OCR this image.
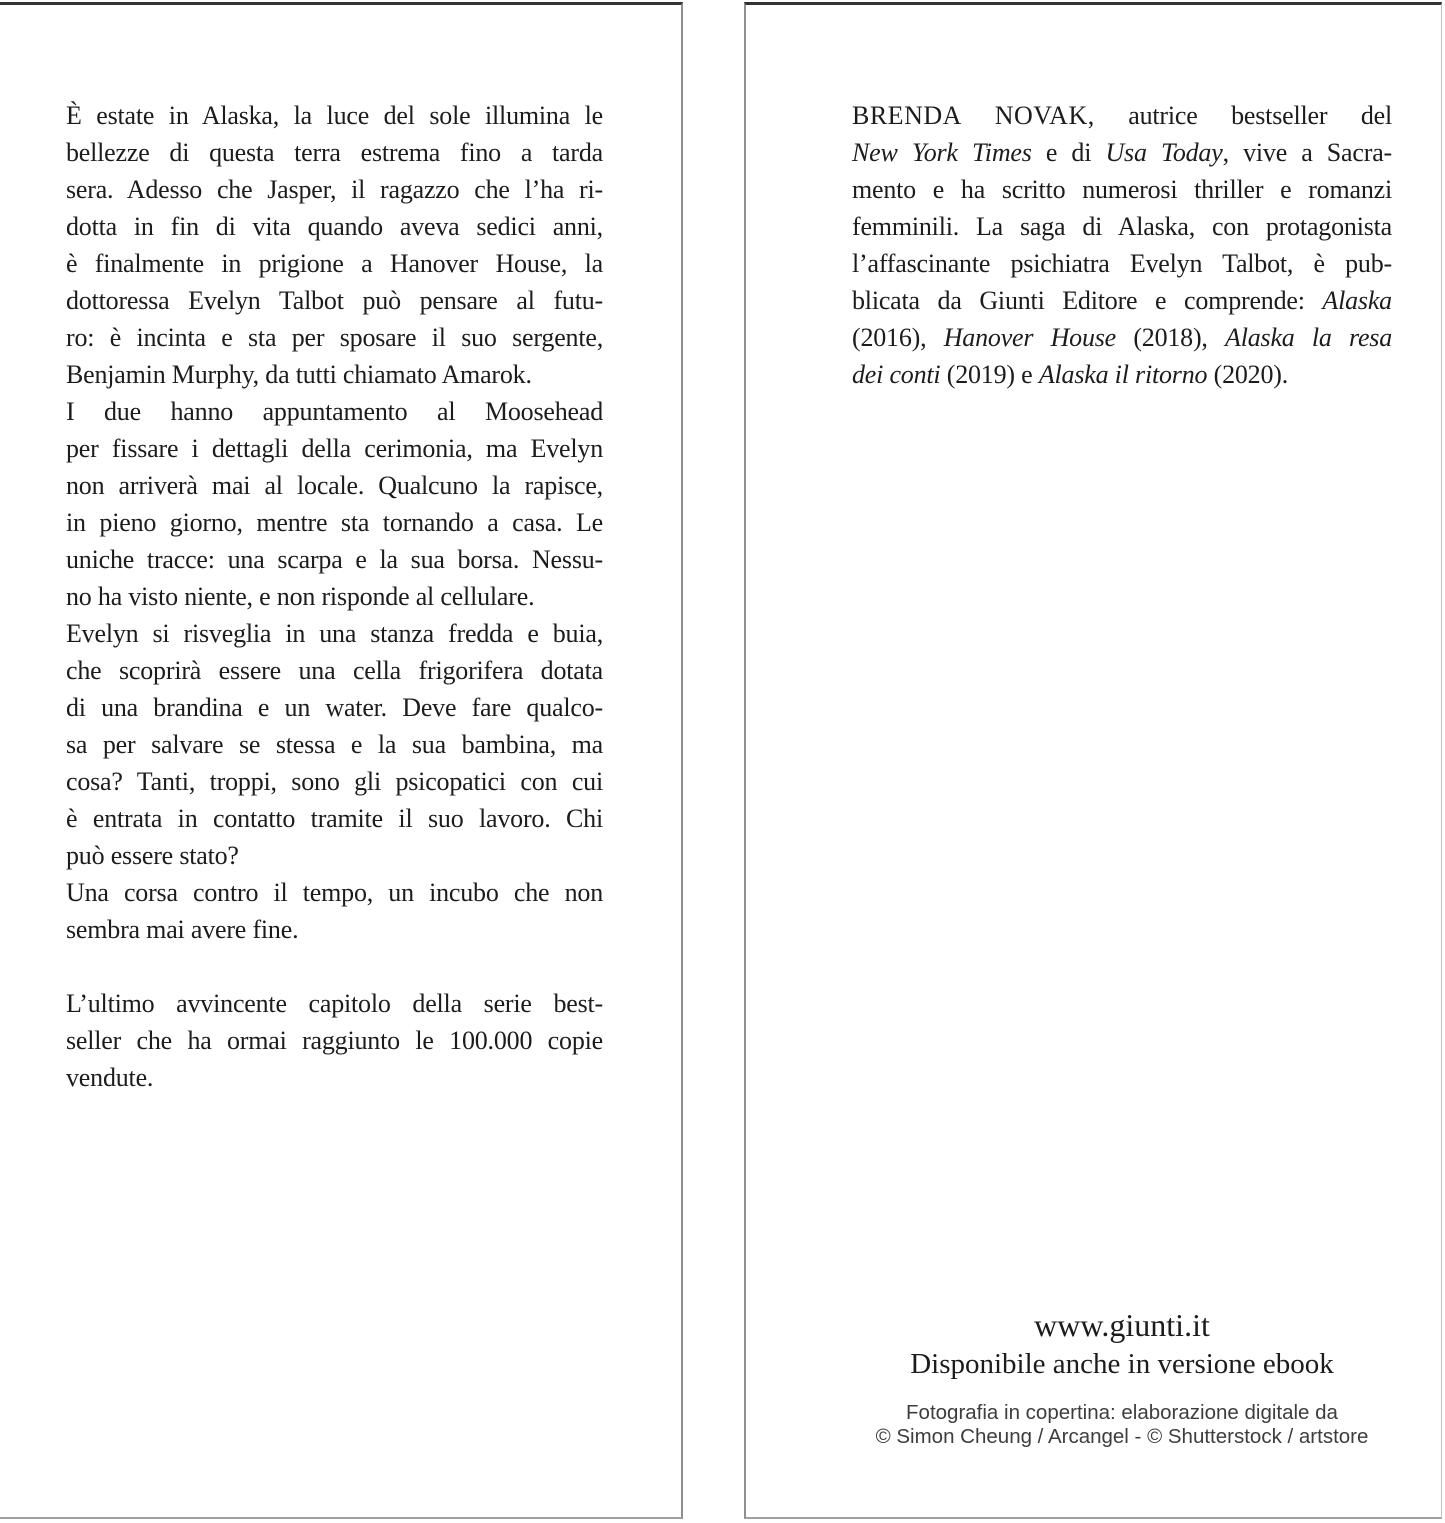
È estate in Alaska, la luce del sole illumina le
bellezze di questa terra estrema fino a tarda
sera. Adesso che Jasper, il ragazzo che l’ha ri-
dotta in fin di vita quando aveva sedici anni,
è finalmente in prigione a Hanover House, la
dottoressa Evelyn Talbot può pensare al futu-
ro: è incinta e sta per sposare il suo sergente,
Benjamin Murphy, da tutti chiamato Amarok.
I due hanno appuntamento al Moosehead
per fissare i dettagli della cerimonia, ma Evelyn
non arriverà mai al locale. Qualcuno la rapisce,
in pieno giorno, mentre sta tornando a casa. Le
uniche tracce: una scarpa e la sua borsa. Nessu-
no ha visto niente, e non risponde al cellulare.
Evelyn si risveglia in una stanza fredda e buia,
che scoprirà essere una cella frigorifera dotata
di una brandina e un water. Deve fare qualco-
sa per salvare se stessa e la sua bambina, ma
cosa? Tanti, troppi, sono gli psicopatici con cui
è entrata in contatto tramite il suo lavoro. Chi
può essere stato?
Una corsa contro il tempo, un incubo che non
sembra mai avere fine.
L’ultimo avvincente capitolo della serie best-
seller che ha ormai raggiunto le 100.000 copie
vendute.
BRENDA NOVAK, autrice bestseller del
New York Times e di Usa Today, vive a Sacra-
mento e ha scritto numerosi thriller e romanzi
femminili. La saga di Alaska, con protagonista
l’affascinante psichiatra Evelyn Talbot, è pub-
blicata da Giunti Editore e comprende: Alaska
(2016), Hanover House (2018), Alaska la resa
dei conti (2019) e Alaska il ritorno (2020).
www.giunti.it
Disponibile anche in versione ebook
Fotografia in copertina: elaborazione digitale da
© Simon Cheung / Arcangel - © Shutterstock / artstore
